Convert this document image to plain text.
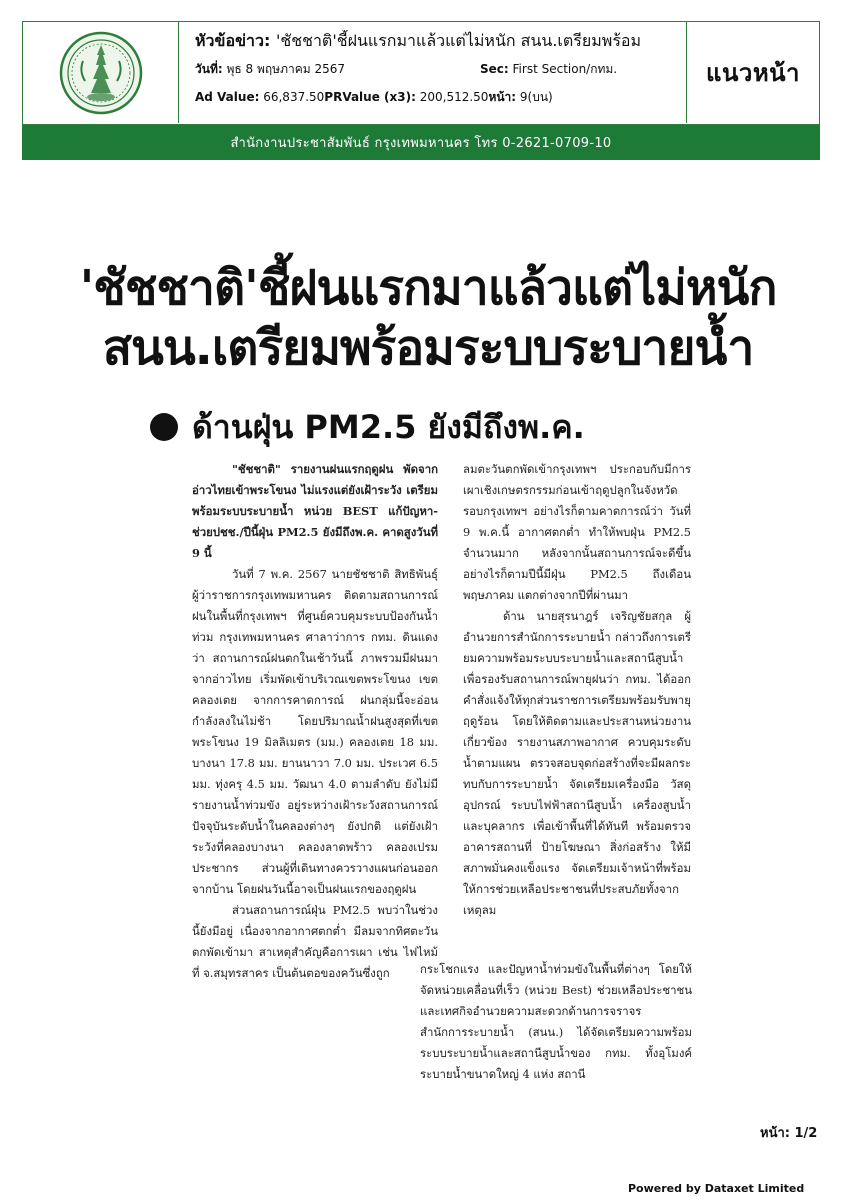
หัวข้อข่าว: 'ชัชชาติ'ชี้ฝนแรกมาแล้วแต่ไม่หนัก สนน.เตรียมพร้อม
วันที่: พุธ 8 พฤษภาคม 2567	Sec: First Section/กทม.
Ad Value:
66,837.50 PRValue (x3):
200,512.50 หน้า:
9(บน)
แนวหน้า
สำนักงานประชาสัมพันธ์ กรุงเทพมหานคร โทร 0-2621-0709-10
'ชัชชาติ'ชี้ฝนแรกมาแล้วแต่ไม่หนัก
สนน.เตรียมพร้อมระบบระบายน้ำ
ด้านฝุ่น PM2.5 ยังมีถึงพ.ค.

"ชัชชาติ" รายงานฝนแรกฤดูฝน พัดจากอ่าวไทยเข้าพระโขนง ไม่แรงแต่ยังเฝ้าระวัง เตรียมพร้อมระบบระบายน้ำ หน่วย BEST แก้ปัญหา-ช่วยปชช./ปีนี้ฝุ่น PM2.5 ยังมีถึงพ.ค. คาดสูงวันที่ 9 นี้

วันที่ 7 พ.ค. 2567 นายชัชชาติ สิทธิพันธุ์ ผู้ว่าราชการกรุงเทพมหานคร ติดตามสถานการณ์ฝนในพื้นที่กรุงเทพฯ ที่ศูนย์ควบคุมระบบป้องกันน้ำท่วม กรุงเทพมหานคร ศาลาว่าการ กทม. ดินแดง ว่า สถานการณ์ฝนตกในเช้าวันนี้ ภาพรวมมีฝนมาจากอ่าวไทย เริ่มพัดเข้าบริเวณเขตพระโขนง เขตคลองเตย จากการคาดการณ์ ฝนกลุ่มนี้จะอ่อนกำลังลงในไม่ช้า โดยปริมาณน้ำฝนสูงสุดที่เขตพระโขนง 19 มิลลิเมตร (มม.) คลองเตย 18 มม. บางนา 17.8 มม. ยานนาวา 7.0 มม. ประเวศ 6.5 มม. ทุ่งครุ 4.5 มม. วัฒนา 4.0 ตามลำดับ ยังไม่มีรายงานน้ำท่วมขัง อยู่ระหว่างเฝ้าระวังสถานการณ์ ปัจจุบันระดับน้ำในคลองต่างๆ ยังปกติ แต่ยังเฝ้าระวังที่คลองบางนา คลองลาดพร้าว คลองเปรมประชากร ส่วนผู้ที่เดินทางควรวางแผนก่อนออกจากบ้าน โดยฝนวันนี้อาจเป็นฝนแรกของฤดูฝน

ส่วนสถานการณ์ฝุ่น PM2.5 พบว่าในช่วงนี้ยังมีอยู่ เนื่องจากอากาศตกต่ำ มีลมจากทิศตะวันตกพัดเข้ามา สาเหตุสำคัญคือการเผา เช่น ไฟไหม้ที่ จ.สมุทรสาคร เป็นต้นตอของควันซึ่งถูก

ลมตะวันตกพัดเข้ากรุงเทพฯ ประกอบกับมีการเผาเชิงเกษตรกรรมก่อนเข้าฤดูปลูกในจังหวัดรอบกรุงเทพฯ อย่างไรก็ตามคาดการณ์ว่า วันที่ 9 พ.ค.นี้ อากาศตกต่ำ ทำให้พบฝุ่น PM2.5 จำนวนมาก หลังจากนั้นสถานการณ์จะดีขึ้น อย่างไรก็ตามปีนี้มีฝุ่น PM2.5 ถึงเดือนพฤษภาคม แตกต่างจากปีที่ผ่านมา

ด้าน นายสุรนาฎร์ เจริญชัยสกุล ผู้อำนวยการสำนักการระบายน้ำ กล่าวถึงการเตรียมความพร้อมระบบระบายน้ำและสถานีสูบน้ำเพื่อรองรับสถานการณ์พายุฝนว่า กทม. ได้ออกคำสั่งแจ้งให้ทุกส่วนราชการเตรียมพร้อมรับพายุฤดูร้อน โดยให้ติดตามและประสานหน่วยงานเกี่ยวข้อง รายงานสภาพอากาศ ควบคุมระดับน้ำตามแผน ตรวจสอบจุดก่อสร้างที่จะมีผลกระทบกับการระบายน้ำ จัดเตรียมเครื่องมือ วัสดุ อุปกรณ์ ระบบไฟฟ้าสถานีสูบน้ำ เครื่องสูบน้ำ และบุคลากร เพื่อเข้าพื้นที่ได้ทันที พร้อมตรวจอาคารสถานที่ ป้ายโฆษณา สิ่งก่อสร้าง ให้มีสภาพมั่นคงแข็งแรง จัดเตรียมเจ้าหน้าที่พร้อมให้การช่วยเหลือประชาชนที่ประสบภัยทั้งจากเหตุลม

กระโชกแรง และปัญหาน้ำท่วมขังในพื้นที่ต่างๆ โดยให้จัดหน่วยเคลื่อนที่เร็ว (หน่วย Best) ช่วยเหลือประชาชน และเทศกิจอำนวยความสะดวกด้านการจราจร

สำนักการระบายน้ำ (สนน.) ได้จัดเตรียมความพร้อมระบบระบายน้ำและสถานีสูบน้ำของ กทม. ทั้งอุโมงค์ระบายน้ำขนาดใหญ่ 4 แห่ง สถานี

หน้า: 1/2
Powered by Dataxet Limited
